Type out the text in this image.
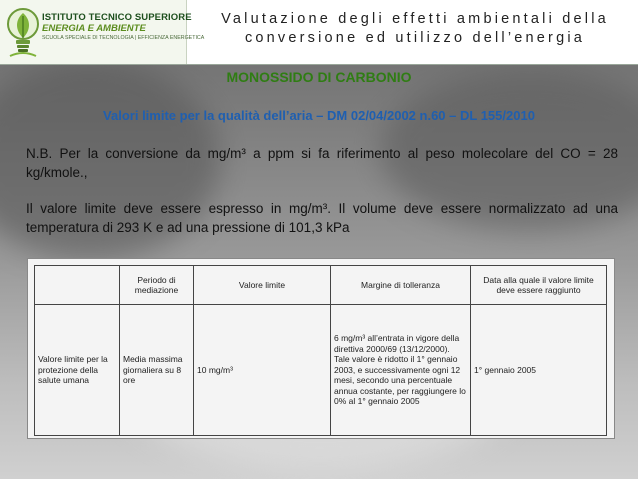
ISTITUTO TECNICO SUPERIORE
ENERGIA E AMBIENTE
SCUOLA SPECIALE DI TECNOLOGIA | EFFICIENZA ENERGETICA
Valutazione degli effetti ambientali della
conversione ed utilizzo dell’energia
MONOSSIDO DI CARBONIO
Valori limite per la qualità dell’aria – DM 02/04/2002 n.60 – DL 155/2010
N.B. Per la conversione da mg/m³ a ppm si fa riferimento al peso molecolare del CO = 28 kg/kmole.,
Il valore limite deve essere espresso in mg/m³. Il volume deve essere normalizzato ad una temperatura di 293 K e ad una pressione di 101,3 kPa
	Periodo di mediazione	Valore limite	Margine di tolleranza	Data alla quale il valore limite deve essere raggiunto
Valore limite per la protezione della salute umana	Media massima giornaliera su 8 ore	10 mg/m³	6 mg/m³ all’entrata in vigore della direttiva 2000/69 (13/12/2000). Tale valore è ridotto il 1° gennaio 2003, e successivamente ogni 12 mesi, secondo una percentuale annua costante, per raggiungere lo 0% al 1° gennaio 2005	1° gennaio 2005
